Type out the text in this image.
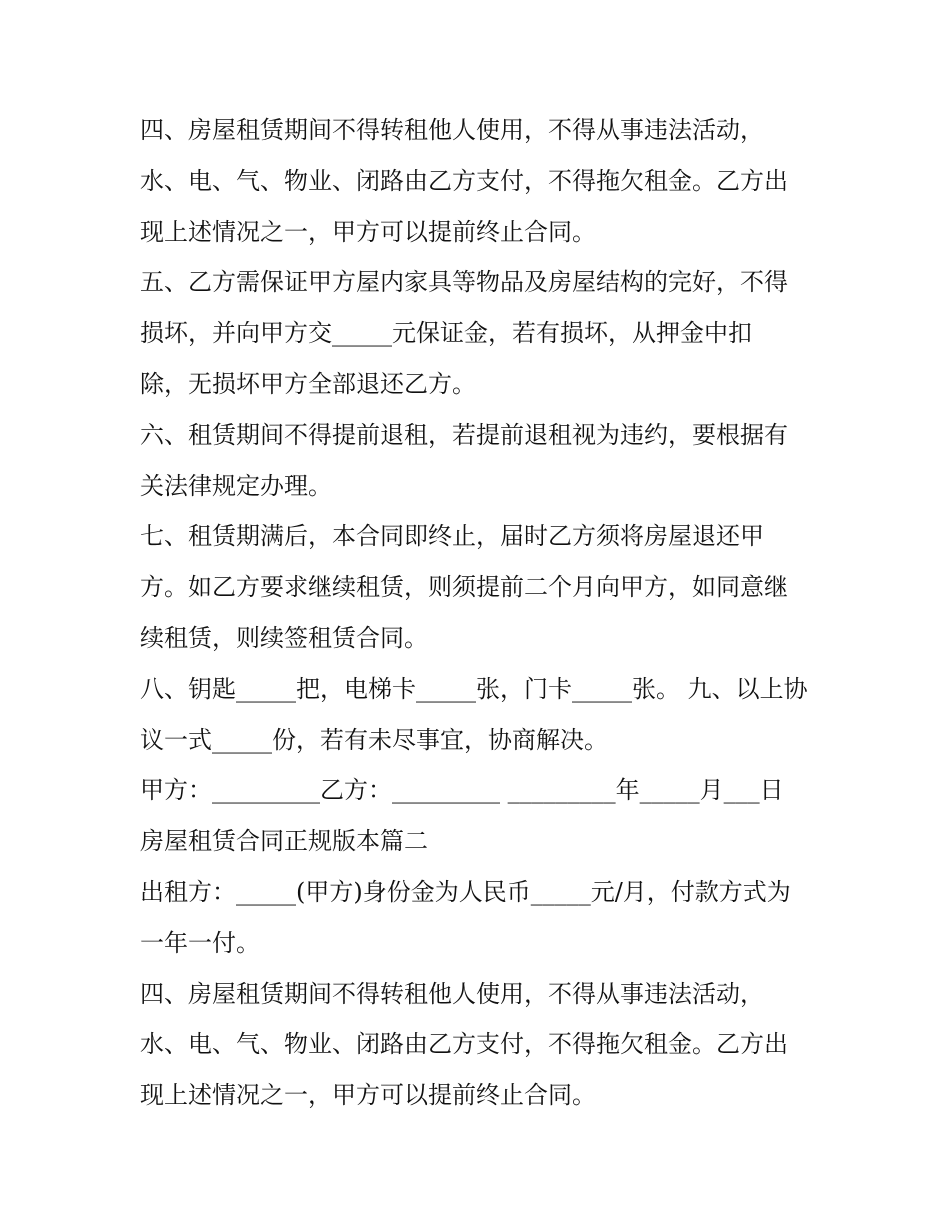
四、房屋租赁期间不得转租他人使用，不得从事违法活动，
水、电、气、物业、闭路由乙方支付，不得拖欠租金。乙方出
现上述情况之一，甲方可以提前终止合同。
五、乙方需保证甲方屋内家具等物品及房屋结构的完好，不得
损坏，并向甲方交_____元保证金，若有损坏，从押金中扣
除，无损坏甲方全部退还乙方。
六、租赁期间不得提前退租，若提前退租视为违约，要根据有
关法律规定办理。
七、租赁期满后，本合同即终止，届时乙方须将房屋退还甲
方。如乙方要求继续租赁，则须提前二个月向甲方，如同意继
续租赁，则续签租赁合同。
八、钥匙_____把，电梯卡_____张，门卡_____张。 九、以上协
议一式_____份，若有未尽事宜，协商解决。
甲方：_________乙方：_________ _________年_____月___日
房屋租赁合同正规版本篇二
出租方：_____(甲方)身份金为人民币_____元/月，付款方式为
一年一付。
四、房屋租赁期间不得转租他人使用，不得从事违法活动，
水、电、气、物业、闭路由乙方支付，不得拖欠租金。乙方出
现上述情况之一，甲方可以提前终止合同。
